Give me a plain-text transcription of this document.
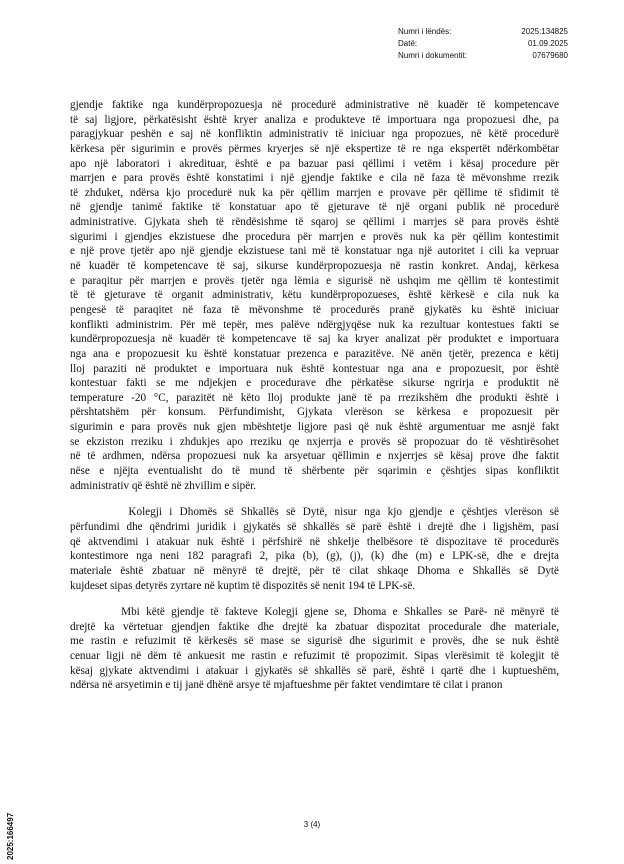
Numri i lëndës:	2025:134825
Datë:	01.09.2025
Numri i dokumentit:	07679680
gjendje faktike nga kundërpropozuesja në procedurë administrative në kuadër të kompetencave
të saj ligjore, përkatësisht është kryer analiza e produkteve të importuara nga propozuesi dhe, pa
paragjykuar peshën e saj në konfliktin administrativ të iniciuar nga propozues, në këtë procedurë
kërkesa për sigurimin e provës përmes kryerjes së një ekspertize të re nga ekspertët ndërkombëtar
apo një laboratori i akredituar, është e pa bazuar pasi qëllimi i vetëm i kësaj procedure për
marrjen e para provës është konstatimi i një gjendje faktike e cila në faza të mëvonshme rrezik
të zhduket, ndërsa kjo procedurë nuk ka për qëllim marrjen e provave për qëllime të sfidimit të
në gjendje tanimë faktike të konstatuar apo të gjeturave të një organi publik në procedurë
administrative. Gjykata sheh të rëndësishme të sqaroj se qëllimi i marrjes së para provës është
sigurimi i gjendjes ekzistuese dhe procedura për marrjen e provës nuk ka për qëllim kontestimit
e një prove tjetër apo një gjendje ekzistuese tani më të konstatuar nga një autoritet i cili ka vepruar
në kuadër të kompetencave të saj, sikurse kundërpropozuesja në rastin konkret. Andaj, kërkesa
e paraqitur për marrjen e provës tjetër nga lëmia e sigurisë në ushqim me qëllim të kontestimit
të të gjeturave të organit administrativ, këtu kundërpropozueses, është kërkesë e cila nuk ka
pengesë të paraqitet në faza të mëvonshme të procedurës pranë gjykatës ku është iniciuar
konflikti administrim. Për më tepër, mes palëve ndërgjyqëse nuk ka rezultuar kontestues fakti se
kundërpropozuesja në kuadër të kompetencave të saj ka kryer analizat për produktet e importuara
nga ana e propozuesit ku është konstatuar prezenca e parazitëve. Në anën tjetër, prezenca e këtij
lloj paraziti në produktet e importuara nuk është kontestuar nga ana e propozuesit, por është
kontestuar fakti se me ndjekjen e procedurave dhe përkatëse sikurse ngrirja e produktit në
temperature -20 °C, parazitët në këto lloj produkte janë të pa rrezikshëm dhe produkti është i
përshtatshëm për konsum. Përfundimisht, Gjykata vlerëson se kërkesa e propozuesit për
sigurimin e para provës nuk gjen mbështetje ligjore pasi që nuk është argumentuar me asnjë fakt
se ekziston rreziku i zhdukjes apo rreziku qe nxjerrja e provës së propozuar do të vështirësohet
në të ardhmen, ndërsa propozuesi nuk ka arsyetuar qëllimin e nxjerrjes së kësaj prove dhe faktit
nëse e njëjta eventualisht do të mund të shërbente për sqarimin e çështjes sipas konfliktit
administrativ që është në zhvillim e sipër.
Kolegji i Dhomës së Shkallës së Dytë, nisur nga kjo gjendje e çështjes vlerëson së
përfundimi dhe qëndrimi juridik i gjykatës së shkallës së parë është i drejtë dhe i ligjshëm, pasi
që aktvendimi i atakuar nuk është i përfshirë në shkelje thelbësore të dispozitave të procedurës
kontestimore nga neni 182 paragrafi 2, pika (b), (g), (j), (k) dhe (m) e LPK-së, dhe e drejta
materiale është zbatuar në mënyrë të drejtë, për të cilat shkaqe Dhoma e Shkallës së Dytë
kujdeset sipas detyrës zyrtare në kuptim të dispozitës së nenit 194 të LPK-së.
Mbi këtë gjendje të fakteve Kolegji gjene se, Dhoma e Shkalles se Parë- në mënyrë të
drejtë ka vërtetuar gjendjen faktike dhe drejtë ka zbatuar dispozitat procedurale dhe materiale,
me rastin e refuzimit të kërkesës së mase se sigurisë dhe sigurimit e provës, dhe se nuk është
cenuar ligji në dëm të ankuesit me rastin e refuzimit të propozimit. Sipas vlerësimit të kolegjit të
kësaj gjykate aktvendimi i atakuar i gjykatës së shkallës së parë, është i qartë dhe i kuptueshëm,
ndërsa në arsyetimin e tij janë dhënë arsye të mjaftueshme për faktet vendimtare të cilat i pranon
3 (4)
2025:166497
